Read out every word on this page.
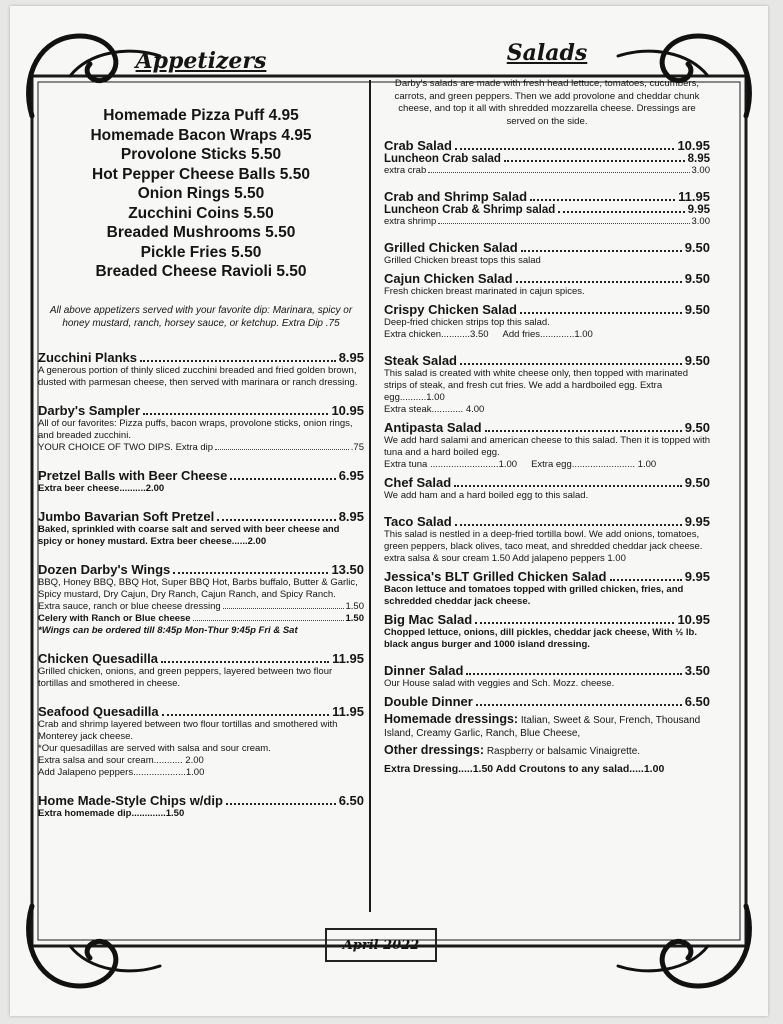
Appetizers
Homemade Pizza Puff 4.95
Homemade Bacon Wraps 4.95
Provolone Sticks 5.50
Hot Pepper Cheese Balls 5.50
Onion Rings 5.50
Zucchini Coins 5.50
Breaded Mushrooms 5.50
Pickle Fries 5.50
Breaded Cheese Ravioli 5.50
All above appetizers served with your favorite dip: Marinara, spicy or honey mustard, ranch, horsey sauce, or ketchup. Extra Dip .75
Zucchini Planks	8.95
A generous portion of thinly sliced zucchini breaded and fried golden brown, dusted with parmesan cheese, then served with marinara or ranch dressing.
Darby's Sampler	10.95
All of our favorites: Pizza puffs, bacon wraps, provolone sticks, onion rings, and breaded zucchini.
YOUR CHOICE OF TWO DIPS. Extra dip	.75
Pretzel Balls with Beer Cheese	6.95
Extra beer cheese..........2.00
Jumbo Bavarian Soft Pretzel	8.95
Baked, sprinkled with coarse salt and served with beer cheese and spicy or honey mustard. Extra beer cheese......2.00
Dozen Darby's Wings	13.50
BBQ, Honey BBQ, BBQ Hot, Super BBQ Hot, Barbs buffalo, Butter & Garlic, Spicy mustard, Dry Cajun, Dry Ranch, Cajun Ranch, and Spicy Ranch.
Extra sauce, ranch or blue cheese dressing	1.50
Celery with Ranch or Blue cheese	1.50
*Wings can be ordered till 8:45p Mon-Thur 9:45p Fri & Sat
Chicken Quesadilla	11.95
Grilled chicken, onions, and green peppers, layered between two flour tortillas and smothered in cheese.
Seafood Quesadilla	11.95
Crab and shrimp layered between two flour tortillas and smothered with Monterey jack cheese.
*Our quesadillas are served with salsa and sour cream.
Extra salsa and sour cream........... 2.00
Add Jalapeno peppers....................1.00
Home Made-Style Chips w/dip	6.50
Extra homemade dip.............1.50
Salads
Darby's salads are made with fresh head lettuce, tomatoes, cucumbers, carrots, and green peppers. Then we add provolone and cheddar chunk cheese, and top it all with shredded mozzarella cheese. Dressings are served on the side.
Crab Salad	10.95
Luncheon Crab salad	8.95
extra crab	3.00
Crab and Shrimp Salad	11.95
Luncheon Crab & Shrimp salad	9.95
extra shrimp	3.00
Grilled Chicken Salad	9.50
Grilled Chicken breast tops this salad
Cajun Chicken Salad	9.50
Fresh chicken breast marinated in cajun spices.
Crispy Chicken Salad	9.50
Deep-fried chicken strips top this salad.
Extra chicken...........3.50 Add fries.............1.00
Steak Salad	9.50
This salad is created with white cheese only, then topped with marinated strips of steak, and fresh cut fries. We add a hardboiled egg. Extra egg..........1.00
Extra steak............ 4.00
Antipasta Salad	9.50
We add hard salami and american cheese to this salad. Then it is topped with tuna and a hard boiled egg.
Extra tuna ..........................1.00 Extra egg........................ 1.00
Chef Salad	9.50
We add ham and a hard boiled egg to this salad.
Taco Salad	9.95
This salad is nestled in a deep-fried tortilla bowl. We add onions, tomatoes, green peppers, black olives, taco meat, and shredded cheddar jack cheese.
extra salsa & sour cream 1.50 Add jalapeno peppers 1.00
Jessica's BLT Grilled Chicken Salad	9.95
Bacon lettuce and tomatoes topped with grilled chicken, fries, and schredded cheddar jack cheese.
Big Mac Salad	10.95
Chopped lettuce, onions, dill pickles, cheddar jack cheese, With ½ lb. black angus burger and 1000 island dressing.
Dinner Salad	3.50
Our House salad with veggies and Sch. Mozz. cheese.
Double Dinner	6.50
Homemade dressings: Italian, Sweet & Sour, French, Thousand Island, Creamy Garlic, Ranch, Blue Cheese,
Other dressings: Raspberry or balsamic Vinaigrette.
Extra Dressing.....1.50 Add Croutons to any salad.....1.00
April 2022
